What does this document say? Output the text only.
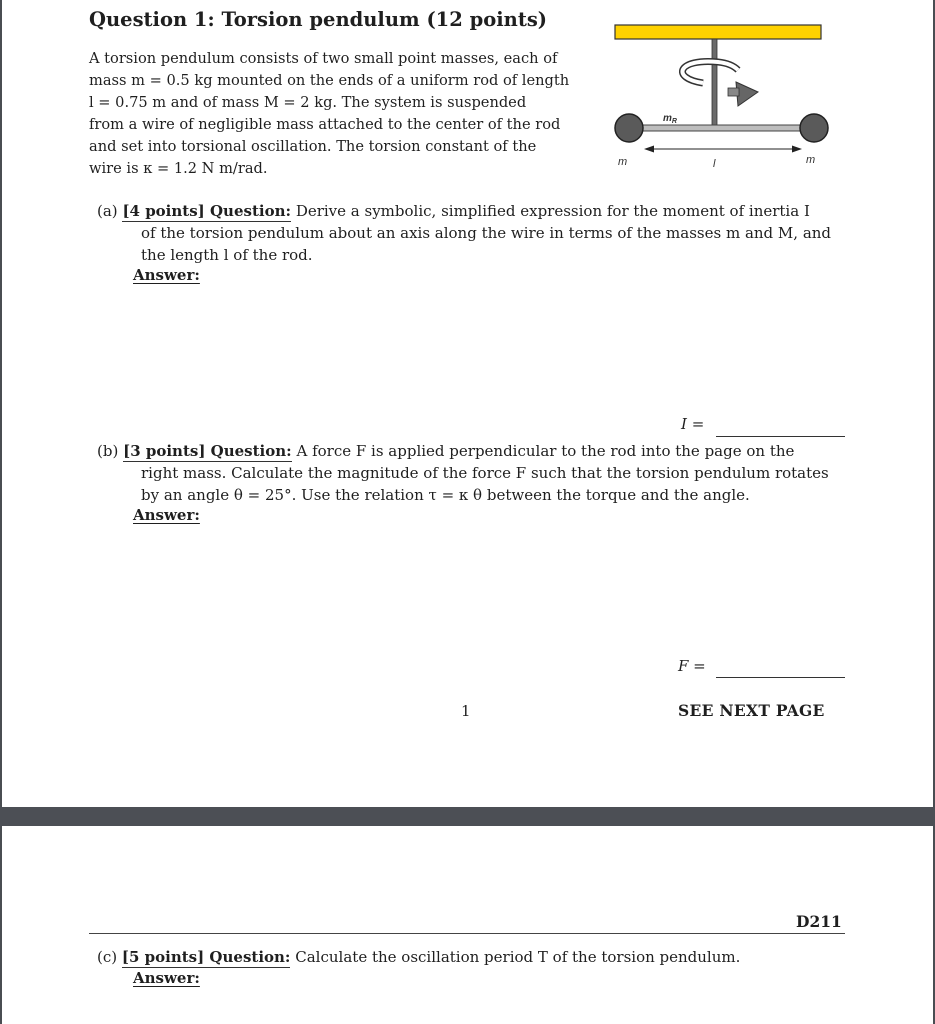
Question 1: Torsion pendulum (12 points)
A torsion pendulum consists of two small point masses, each of
mass m = 0.5 kg mounted on the ends of a uniform rod of length
l = 0.75 m and of mass M = 2 kg. The system is suspended
from a wire of negligible mass attached to the center of the rod
and set into torsional oscillation. The torsion constant of the
wire is κ = 1.2 N m/rad.
$m_R$
m	l	m
(a) [4 points] Question: Derive a symbolic, simplified expression for the moment of inertia I
of the torsion pendulum about an axis along the wire in terms of the masses m and M, and
the length l of the rod.
Answer:
I =
(b) [3 points] Question: A force F is applied perpendicular to the rod into the page on the
right mass. Calculate the magnitude of the force F such that the torsion pendulum rotates
by an angle θ = 25°. Use the relation τ = κ θ between the torque and the angle.
Answer:
F =
1	SEE NEXT PAGE
D211
(c) [5 points] Question: Calculate the oscillation period T of the torsion pendulum.
Answer:
